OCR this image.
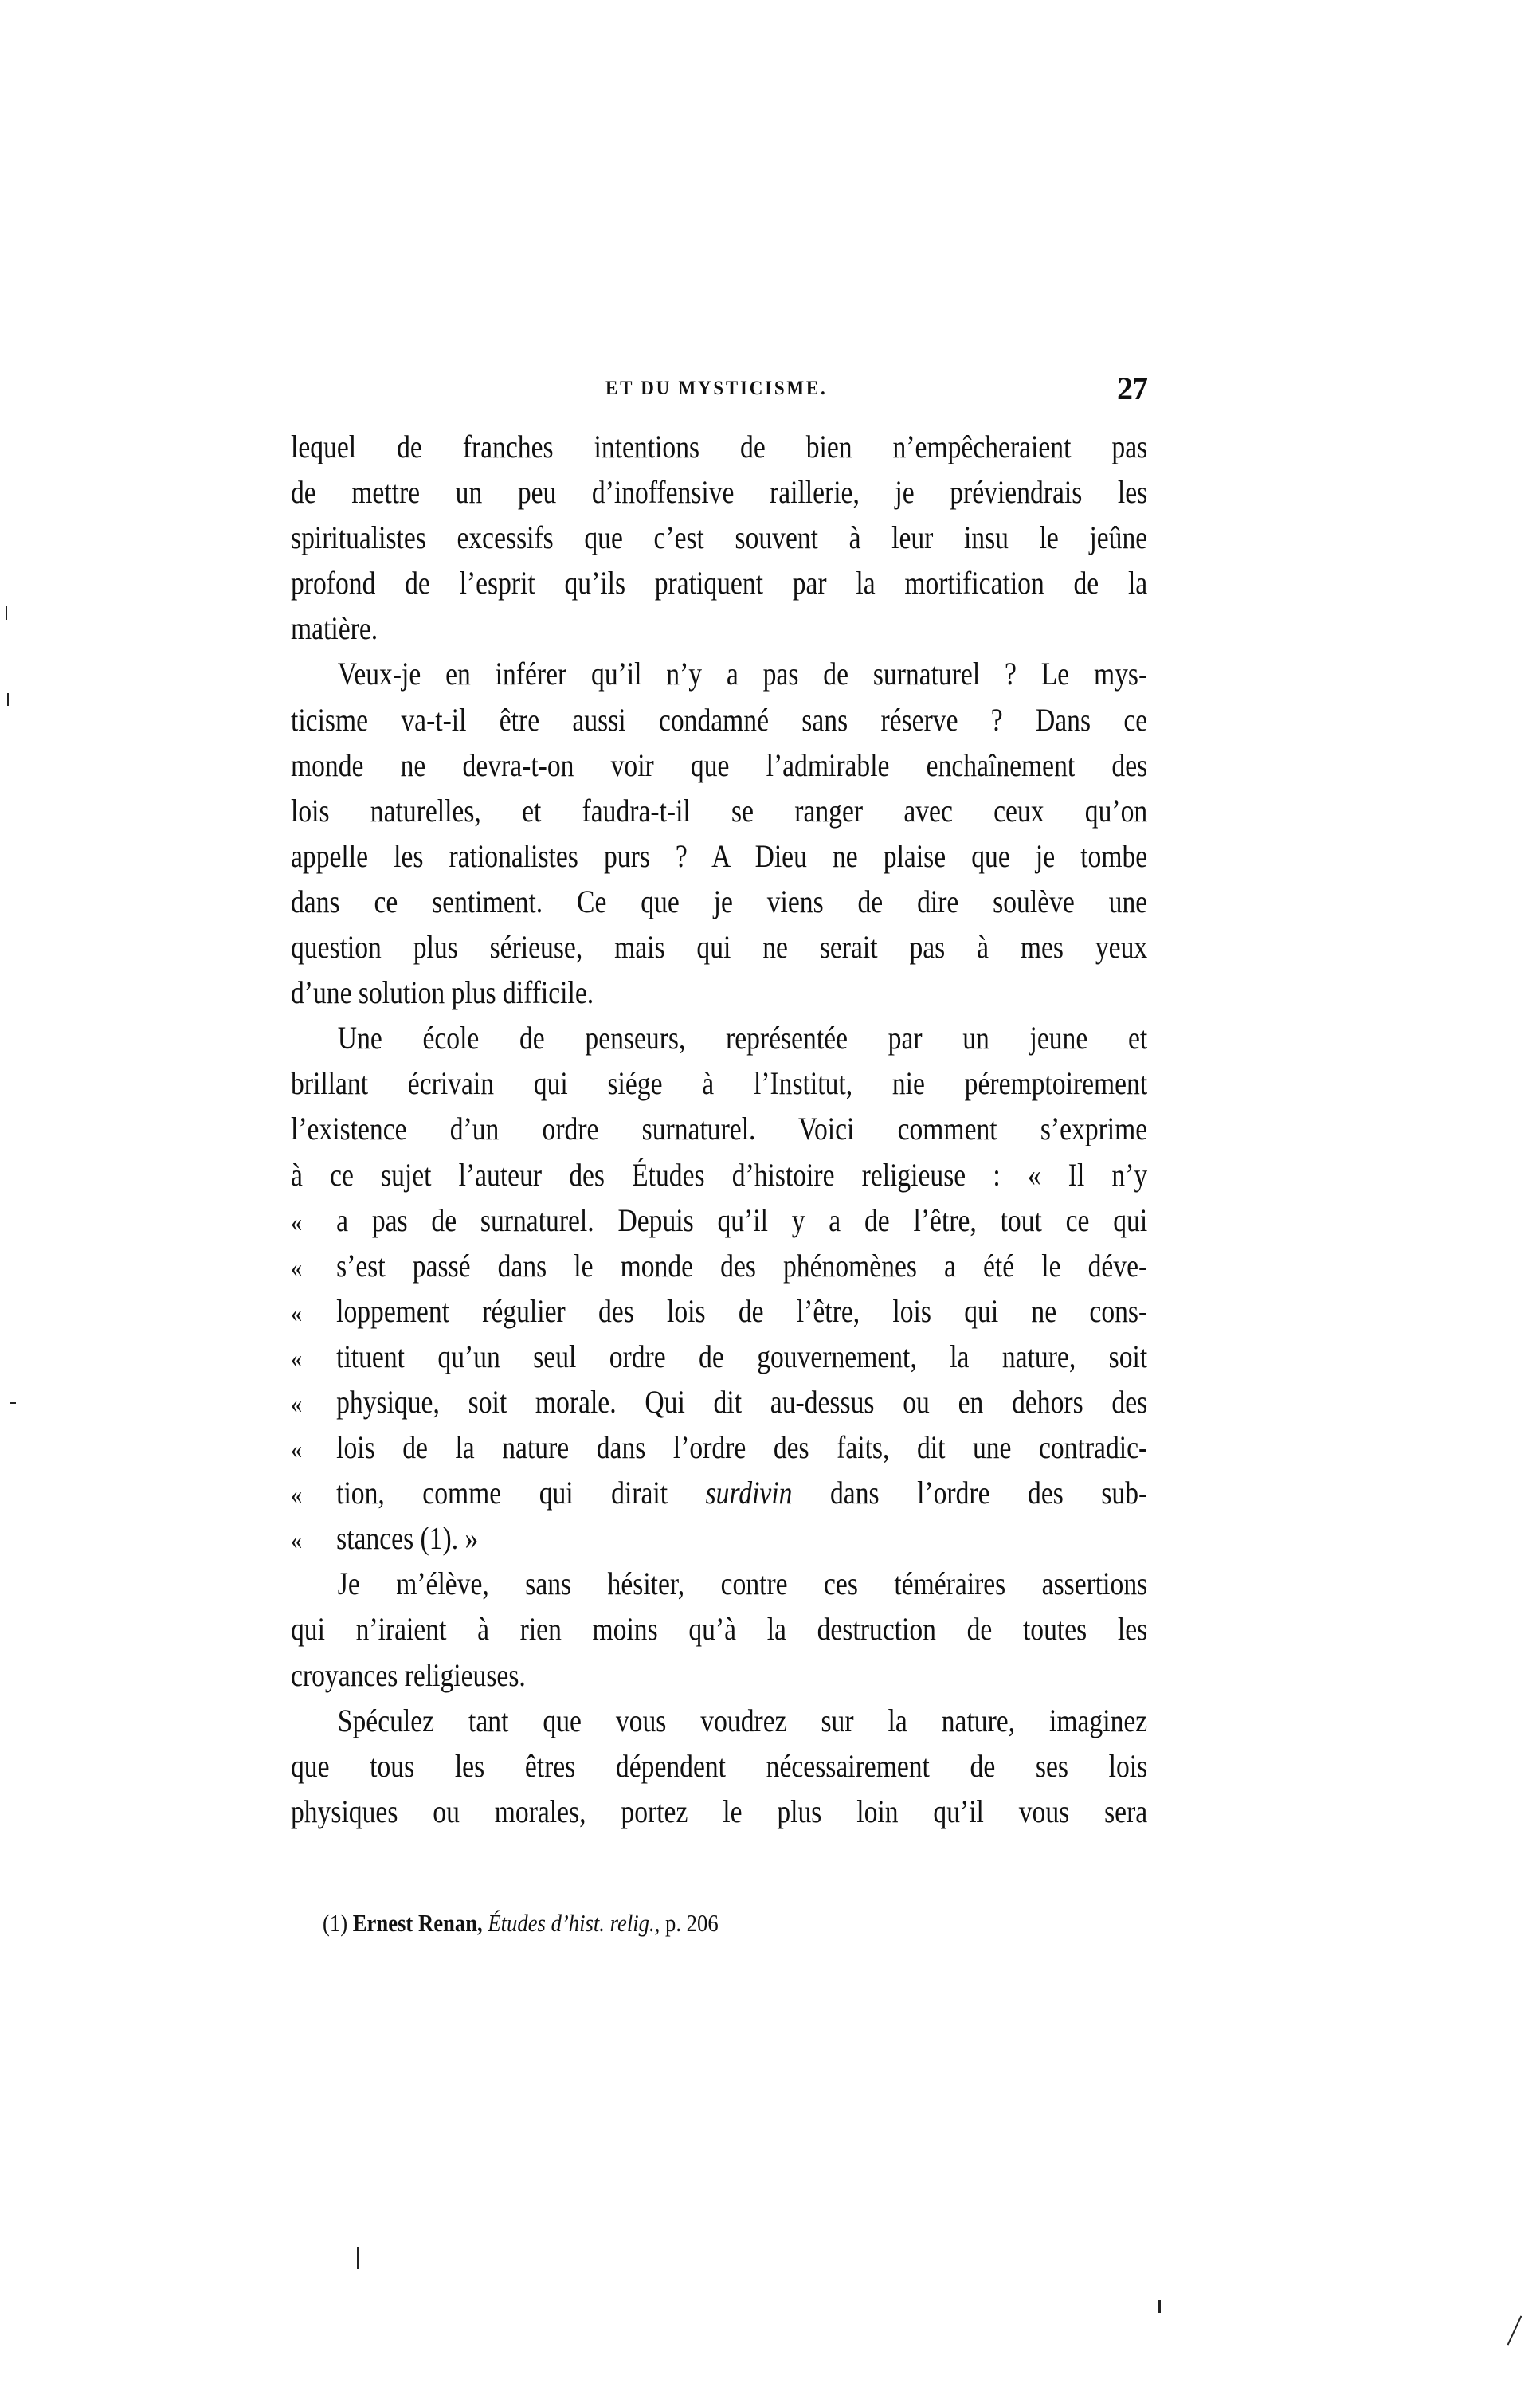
ET DU MYSTICISME.	27
lequel de franches intentions de bien n’empêcheraient pas
de mettre un peu d’inoffensive raillerie, je préviendrais les
spiritualistes excessifs que c’est souvent à leur insu le jeûne
profond de l’esprit qu’ils pratiquent par la mortification de la
matière.
Veux-je en inférer qu’il n’y a pas de surnaturel ? Le mys-
ticisme va-t-il être aussi condamné sans réserve ? Dans ce
monde ne devra-t-on voir que l’admirable enchaînement des
lois naturelles, et faudra-t-il se ranger avec ceux qu’on
appelle les rationalistes purs ? A Dieu ne plaise que je tombe
dans ce sentiment. Ce que je viens de dire soulève une
question plus sérieuse, mais qui ne serait pas à mes yeux
d’une solution plus difficile.
Une école de penseurs, représentée par un jeune et
brillant écrivain qui siége à l’Institut, nie péremptoirement
l’existence d’un ordre surnaturel. Voici comment s’exprime
à ce sujet l’auteur des Études d’histoire religieuse : « Il n’y
«	a pas de surnaturel. Depuis qu’il y a de l’être, tout ce qui
«	s’est passé dans le monde des phénomènes a été le déve-
«	loppement régulier des lois de l’être, lois qui ne cons-
«	tituent qu’un seul ordre de gouvernement, la nature, soit
«	physique, soit morale. Qui dit au-dessus ou en dehors des
«	lois de la nature dans l’ordre des faits, dit une contradic-
«	tion, comme qui dirait surdivin dans l’ordre des sub-
«	stances (1). »
Je m’élève, sans hésiter, contre ces téméraires assertions
qui n’iraient à rien moins qu’à la destruction de toutes les
croyances religieuses.
Spéculez tant que vous voudrez sur la nature, imaginez
que tous les êtres dépendent nécessairement de ses lois
physiques ou morales, portez le plus loin qu’il vous sera
(1) Ernest Renan, Études d’hist. relig., p. 206
